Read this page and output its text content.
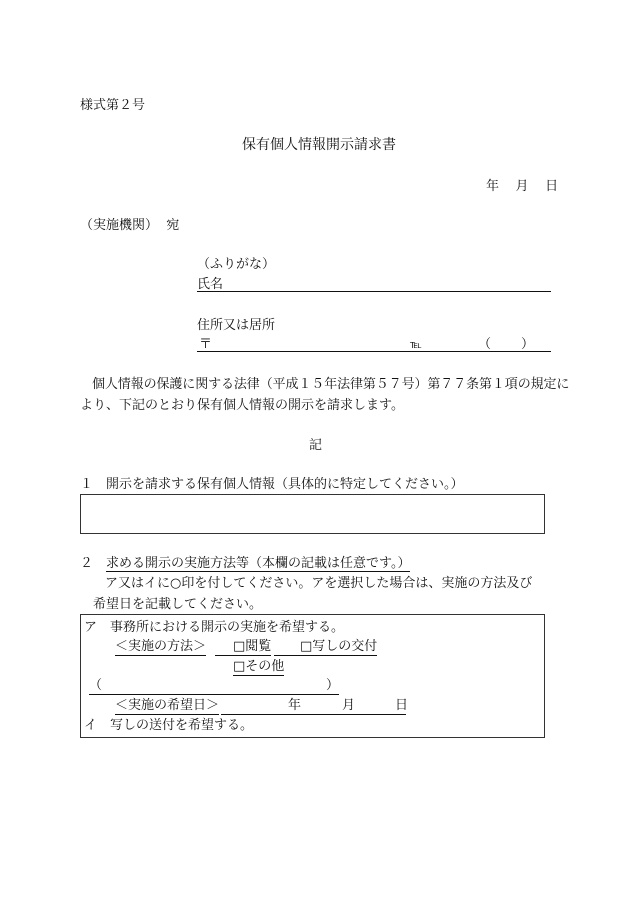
様式第２号
保有個人情報開示請求書
年 月 日
（実施機関） 宛
（ふりがな）
氏名
住所又は居所
〒	℡	（ ）
個人情報の保護に関する法律（平成１５年法律第５７号）第７７条第１項の規定に
より、下記のとおり保有個人情報の開示を請求します。
記
１　開示を請求する保有個人情報（具体的に特定してください。）
２　求める開示の実施方法等（本欄の記載は任意です。）
ア又はイに○印を付してください。アを選択した場合は、実施の方法及び
希望日を記載してください。
ア　事務所における開示の実施を希望する。
＜実施の方法＞ □閲覧 □写しの交付
□その他
（	）
＜実施の希望日＞	年	月	日
イ　写しの送付を希望する。
